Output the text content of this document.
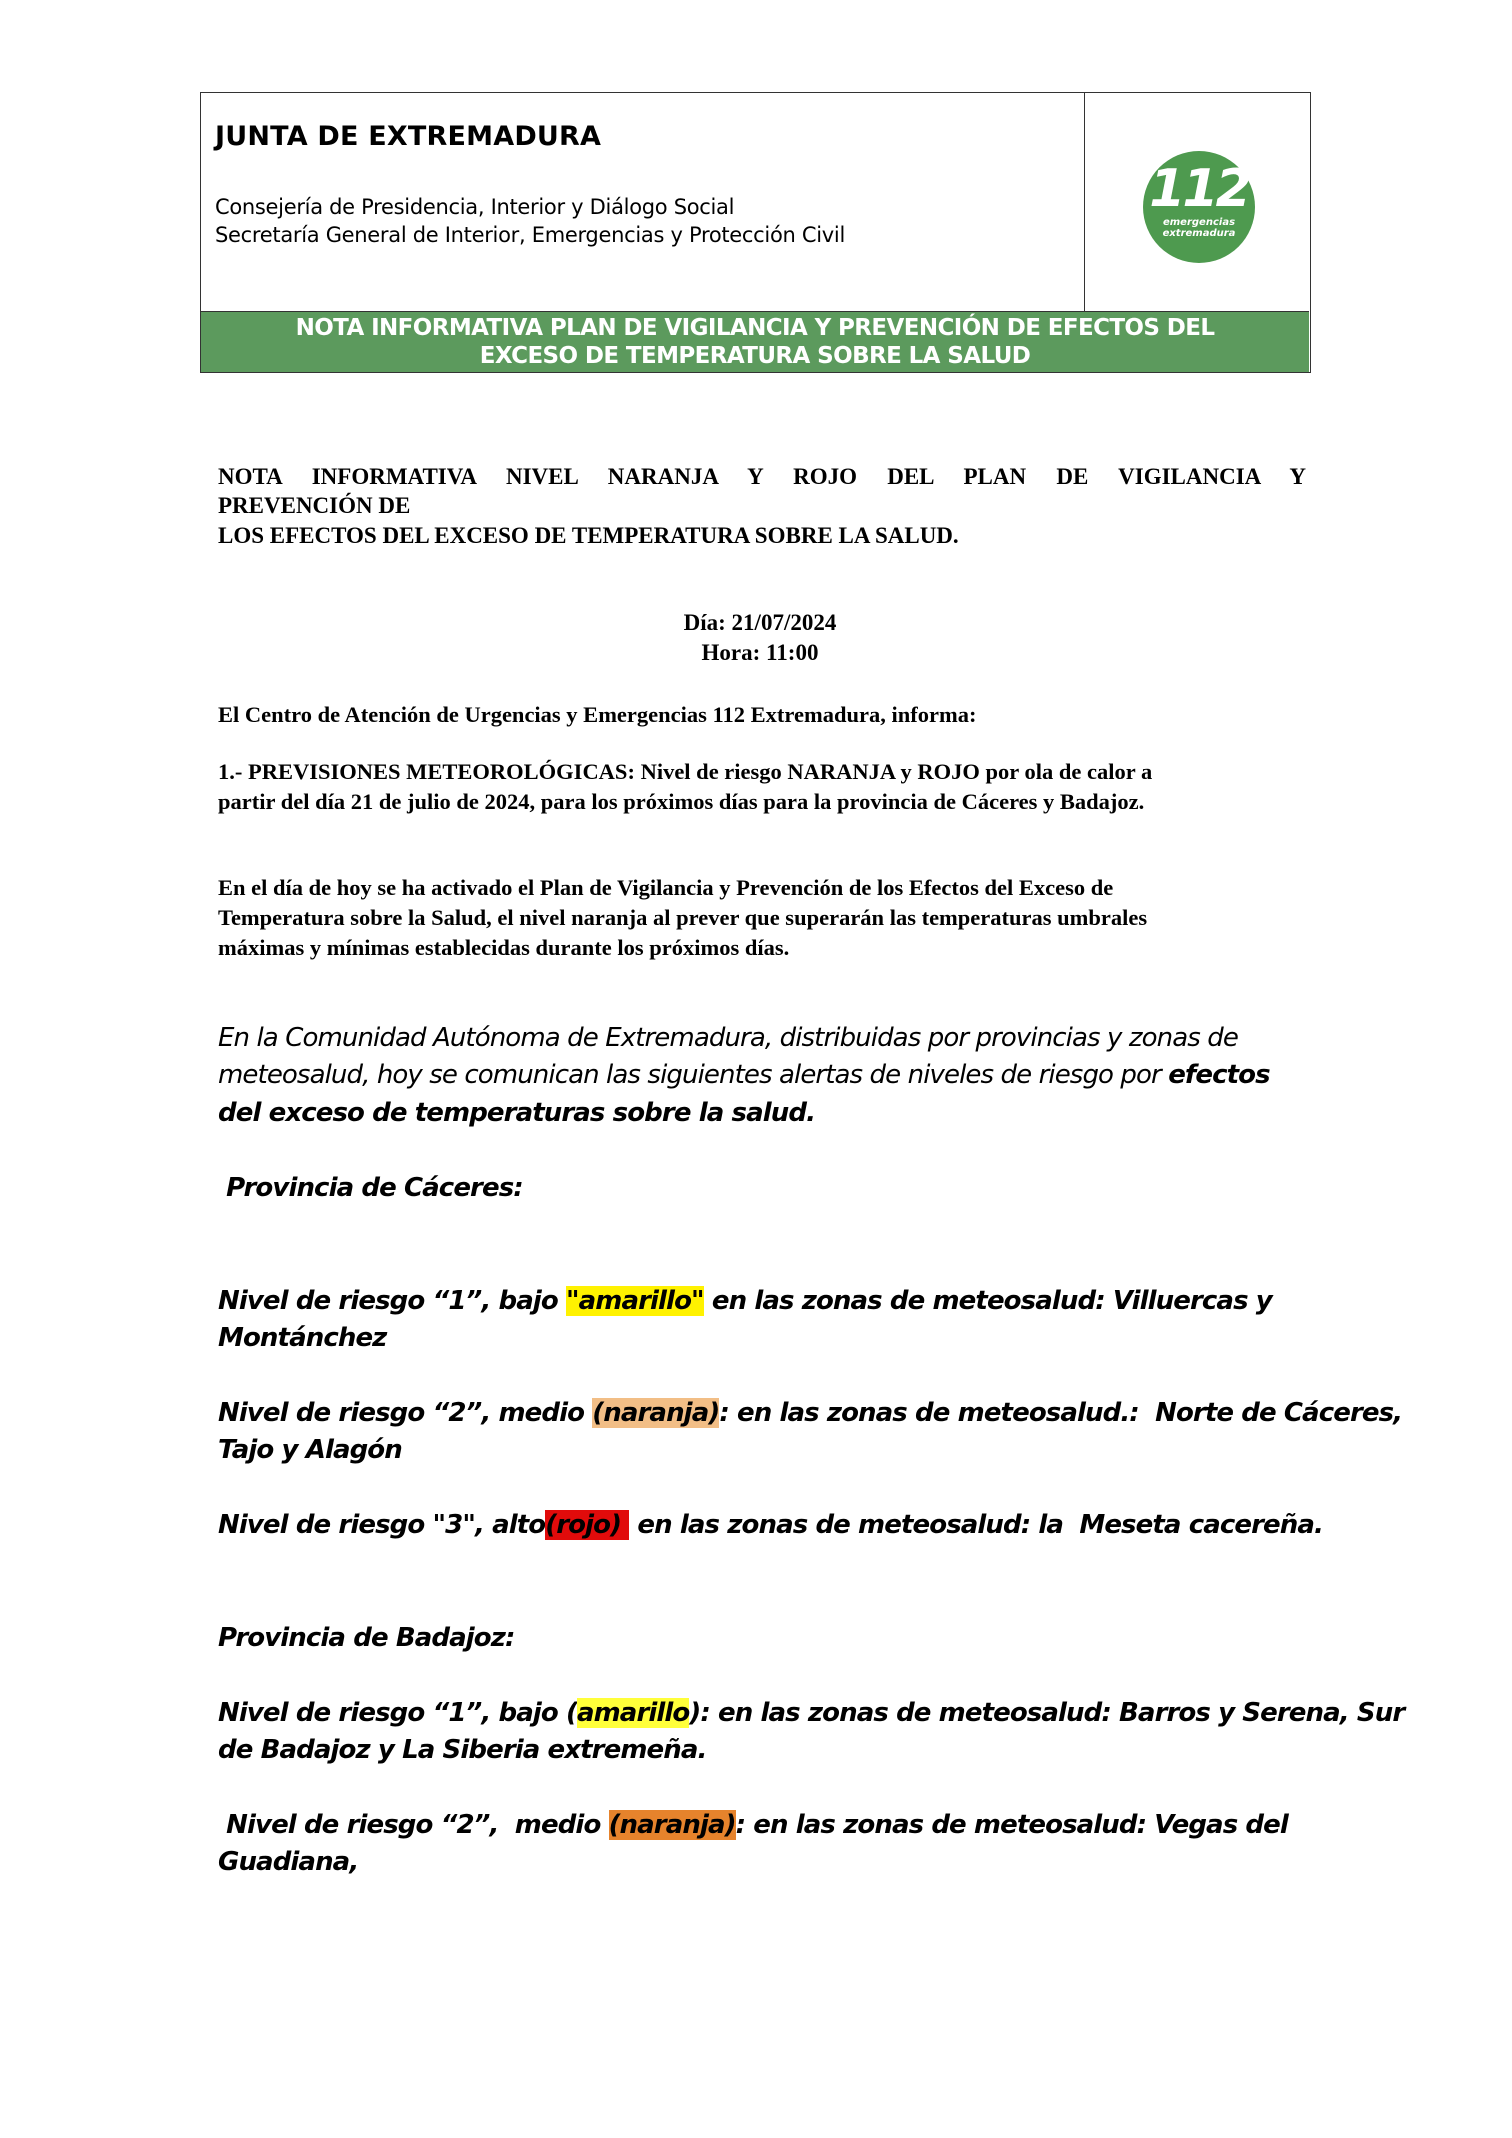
JUNTA DE EXTREMADURA
Consejería de Presidencia, Interior y Diálogo Social
Secretaría General de Interior, Emergencias y Protección Civil
112
emergencias
extremadura
NOTA INFORMATIVA PLAN DE VIGILANCIA Y PREVENCIÓN DE EFECTOS DEL
EXCESO DE TEMPERATURA SOBRE LA SALUD
NOTA INFORMATIVA NIVEL NARANJA Y ROJO DEL PLAN DE VIGILANCIA Y
PREVENCIÓN DE
LOS EFECTOS DEL EXCESO DE TEMPERATURA SOBRE LA SALUD.
Día: 21/07/2024
Hora: 11:00
El Centro de Atención de Urgencias y Emergencias 112 Extremadura, informa:
1.- PREVISIONES METEOROLÓGICAS: Nivel de riesgo NARANJA y ROJO por ola de calor a
partir del día 21 de julio de 2024, para los próximos días para la provincia de Cáceres y Badajoz.
En el día de hoy se ha activado el Plan de Vigilancia y Prevención de los Efectos del Exceso de
Temperatura sobre la Salud, el nivel naranja al prever que superarán las temperaturas umbrales
máximas y mínimas establecidas durante los próximos días.
En la Comunidad Autónoma de Extremadura, distribuidas por provincias y zonas de
meteosalud, hoy se comunican las siguientes alertas de niveles de riesgo por efectos
del exceso de temperaturas sobre la salud.
Provincia de Cáceres:
Nivel de riesgo “1”, bajo "amarillo" en las zonas de meteosalud: Villuercas y
Montánchez
Nivel de riesgo “2”, medio (naranja): en las zonas de meteosalud.:  Norte de Cáceres,
Tajo y Alagón
Nivel de riesgo "3", alto(rojo)  en las zonas de meteosalud: la  Meseta cacereña.
Provincia de Badajoz:
Nivel de riesgo “1”, bajo (amarillo): en las zonas de meteosalud: Barros y Serena, Sur
de Badajoz y La Siberia extremeña.
Nivel de riesgo “2”,  medio (naranja): en las zonas de meteosalud: Vegas del
Guadiana,
